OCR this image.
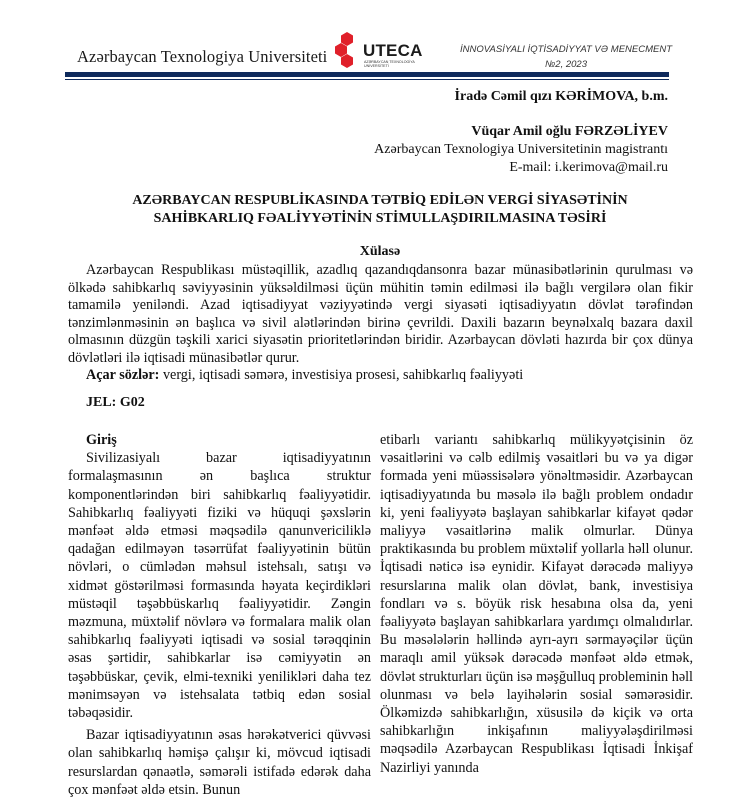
Azərbaycan Texnologiya Universiteti UTECA
AZƏRBAYCAN TEXNOLOGİYA UNİVERSİTETİ
İNNOVASİYALI İQTİSADİYYAT VƏ MENECMENT
№2, 2023
İradə Cəmil qızı KƏRİMOVA, b.m.
Vüqar Amil oğlu FƏRZƏLİYEV
Azərbaycan Texnologiya Universitetinin magistrantı
E-mail: i.kerimova@mail.ru
AZƏRBAYCAN RESPUBLİKASINDA TƏTBİQ EDİLƏN VERGİ SİYASƏTİNİN
SAHİBKARLIQ FƏALİYYƏTİNİN STİMULLAŞDIRILMASINA TƏSİRİ
Xülasə

Azərbaycan Respublikası müstəqillik, azadlıq qazandıqdansonra bazar münasibətlərinin qurulması və ölkədə sahibkarlıq səviyyəsinin yüksəldilməsi üçün mühitin təmin edilməsi ilə bağlı vergilərə olan fikir tamamilə yeniləndi. Azad iqtisadiyyat vəziyyətində vergi siyasəti iqtisadiyyatın dövlət tərəfindən tənzimlənməsinin ən başlıca və sivil alətlərindən birinə çevrildi. Daxili bazarın beynəlxalq bazara daxil olmasının düzgün təşkili xarici siyasətin prioritetlərindən biridir. Azərbaycan dövləti hazırda bir çox dünya dövlətləri ilə iqtisadi münasibətlər qurur.

Açar sözlər: vergi, iqtisadi səmərə, investisiya prosesi, sahibkarlıq fəaliyyəti
JEL: G02

Giriş

Sivilizasiyalı bazar iqtisadiyyatının formalaşmasının ən başlıca struktur komponentlərindən biri sahibkarlıq fəaliyyətidir. Sahibkarlıq fəaliyyəti fiziki və hüquqi şəxslərin mənfəət əldə etməsi məqsədilə qanunvericiliklə qadağan edilməyən təsərrüfat fəaliyyətinin bütün növləri, o cümlədən məhsul istehsalı, satışı və xidmət göstərilməsi formasında həyata keçirdikləri müstəqil təşəbbüskarlıq fəaliyyətidir. Zəngin məzmuna, müxtəlif növlərə və formalara malik olan sahibkarlıq fəaliyyəti iqtisadi və sosial tərəqqinin əsas şərtidir, sahibkarlar isə cəmiyyətin ən təşəbbüskar, çevik, elmi-texniki yenilikləri daha tez mənimsəyən və istehsalata tətbiq edən sosial təbəqəsidir.

Bazar iqtisadiyyatının əsas hərəkətverici qüvvəsi olan sahibkarlıq həmişə çalışır ki, mövcud iqtisadi resurslardan qənaətlə, səmərəli istifadə edərək daha çox mənfəət əldə etsin. Bunun

etibarlı variantı sahibkarlıq mülikyyətçisinin öz vəsaitlərini və cəlb edilmiş vəsaitləri bu və ya digər formada yeni müəssisələrə yönəltməsidir. Azərbaycan iqtisadiyyatında bu məsələ ilə bağlı problem ondadır ki, yeni fəaliyyətə başlayan sahibkarlar kifayət qədər maliyyə vəsaitlərinə malik olmurlar. Dünya praktikasında bu problem müxtəlif yollarla həll olunur. İqtisadi nəticə isə eynidir. Kifayət dərəcədə maliyyə resurslarına malik olan dövlət, bank, investisiya fondları və s. böyük risk hesabına olsa da, yeni fəaliyyətə başlayan sahibkarlara yardımçı olmalıdırlar. Bu məsələlərin həllində ayrı-ayrı sərmayəçilər üçün maraqlı amil yüksək dərəcədə mənfəət əldə etmək, dövlət strukturları üçün isə məşğulluq probleminin həll olunması və belə layihələrin sosial səmərəsidir. Ölkəmizdə sahibkarlığın, xüsusilə də kiçik və orta sahibkarlığın inkişafının maliyyələşdirilməsi məqsədilə Azərbaycan Respublikası İqtisadi İnkişaf Nazirliyi yanında
